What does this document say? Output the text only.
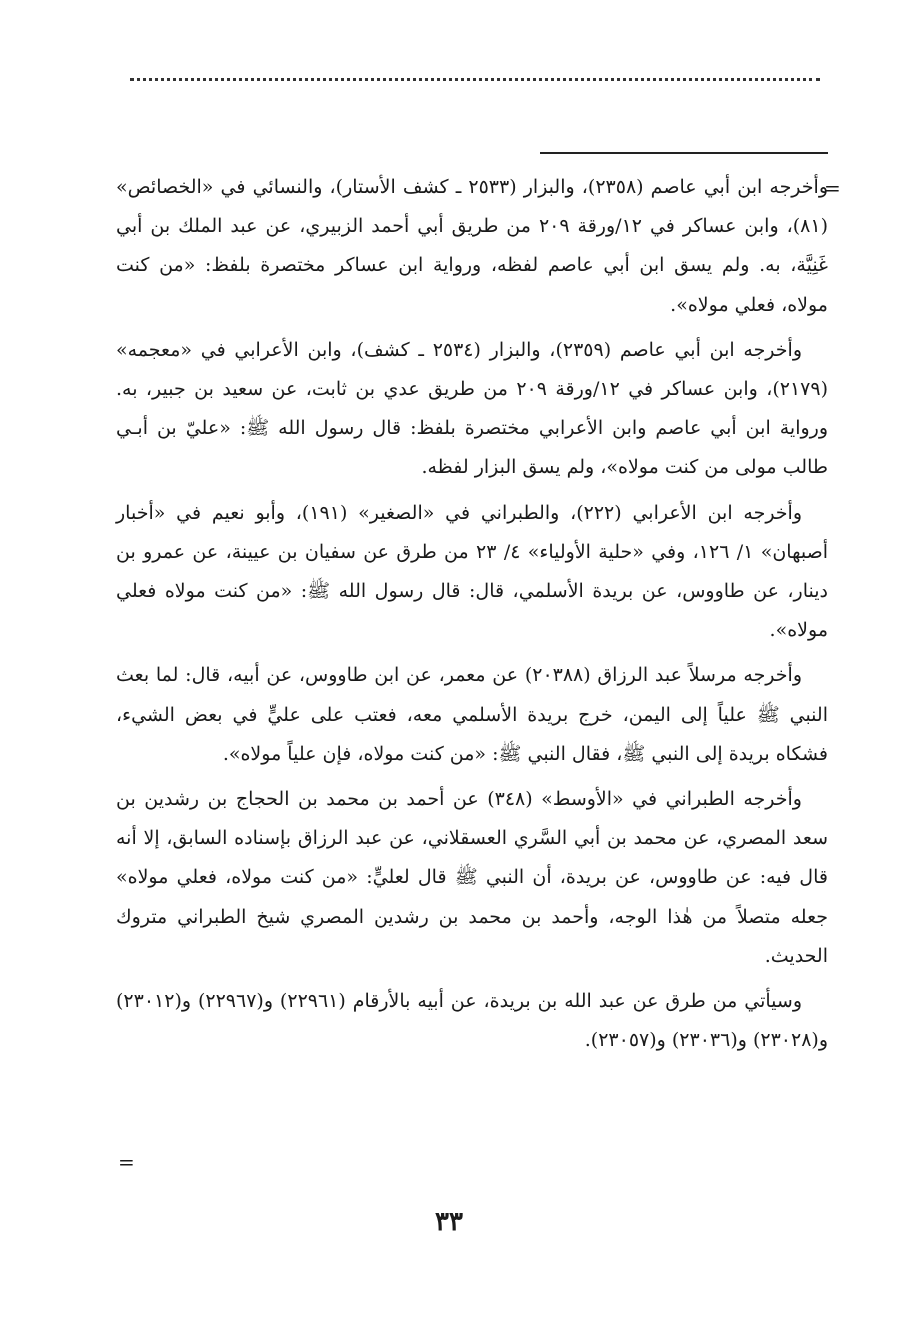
=

وأخرجه ابن أبي عاصم (٢٣٥٨)، والبزار (٢٥٣٣ ـ كشف الأستار)، والنسائي في «الخصائص» (٨١)، وابن عساكر في ١٢/ورقة ٢٠٩ من طريق أبي أحمد الزبيري، عن عبد الملك بن أبي غَنِيَّة، به. ولم يسق ابن أبي عاصم لفظه، ورواية ابن عساكر مختصرة بلفظ: «من كنت مولاه، فعلي مولاه».

وأخرجه ابن أبي عاصم (٢٣٥٩)، والبزار (٢٥٣٤ ـ كشف)، وابن الأعرابي في «معجمه» (٢١٧٩)، وابن عساكر في ١٢/ورقة ٢٠٩ من طريق عدي بن ثابت، عن سعيد بن جبير، به. ورواية ابن أبي عاصم وابن الأعرابي مختصرة بلفظ: قال رسول الله ﷺ: «عليّ بن أبـي طالب مولى من كنت مولاه»، ولم يسق البزار لفظه.

وأخرجه ابن الأعرابي (٢٢٢)، والطبراني في «الصغير» (١٩١)، وأبو نعيم في «أخبار أصبهان» ١/ ١٢٦، وفي «حلية الأولياء» ٤/ ٢٣ من طرق عن سفيان بن عيينة، عن عمرو بن دينار، عن طاووس، عن بريدة الأسلمي، قال: قال رسول الله ﷺ: «من كنت مولاه فعلي مولاه».

وأخرجه مرسلاً عبد الرزاق (٢٠٣٨٨) عن معمر، عن ابن طاووس، عن أبيه، قال: لما بعث النبي ﷺ علياً إلى اليمن، خرج بريدة الأسلمي معه، فعتب على عليٍّ في بعض الشيء، فشكاه بريدة إلى النبي ﷺ، فقال النبي ﷺ: «من كنت مولاه، فإن علياً مولاه».

وأخرجه الطبراني في «الأوسط» (٣٤٨) عن أحمد بن محمد بن الحجاج بن رشدين بن سعد المصري، عن محمد بن أبي السَّري العسقلاني، عن عبد الرزاق بإسناده السابق، إلا أنه قال فيه: عن طاووس، عن بريدة، أن النبي ﷺ قال لعليٍّ: «من كنت مولاه، فعلي مولاه» جعله متصلاً من هٰذا الوجه، وأحمد بن محمد بن رشدين المصري شيخ الطبراني متروك الحديث.

وسيأتي من طرق عن عبد الله بن بريدة، عن أبيه بالأرقام (٢٢٩٦١) و(٢٢٩٦٧) و(٢٣٠١٢) و(٢٣٠٢٨) و(٢٣٠٣٦) و(٢٣٠٥٧).

=
٣٣
